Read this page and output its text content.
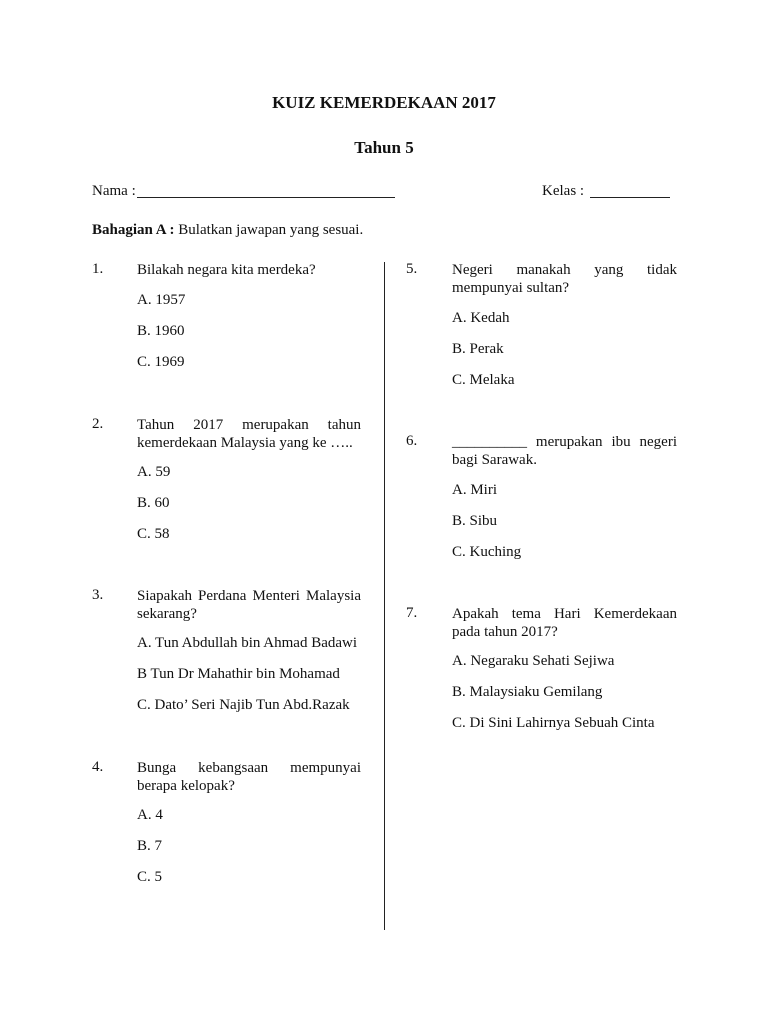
KUIZ KEMERDEKAAN 2017
Tahun 5
Nama :	Kelas :
Bahagian A : Bulatkan jawapan yang sesuai.
1. Bilakah negara kita merdeka?
A. 1957
B. 1960
C. 1969
2. Tahun 2017 merupakan tahun
kemerdekaan Malaysia yang ke …..
A. 59
B. 60
C. 58
3. Siapakah Perdana Menteri Malaysia
sekarang?
A. Tun Abdullah bin Ahmad Badawi
B Tun Dr Mahathir bin Mohamad
C. Dato’ Seri Najib Tun Abd.Razak
4. Bunga kebangsaan mempunyai
berapa kelopak?
A. 4
B. 7
C. 5
5. Negeri manakah yang tidak
mempunyai sultan?
A. Kedah
B. Perak
C. Melaka
6. __________ merupakan ibu negeri
bagi Sarawak.
A. Miri
B. Sibu
C. Kuching
7. Apakah tema Hari Kemerdekaan
pada tahun 2017?
A. Negaraku Sehati Sejiwa
B. Malaysiaku Gemilang
C. Di Sini Lahirnya Sebuah Cinta
